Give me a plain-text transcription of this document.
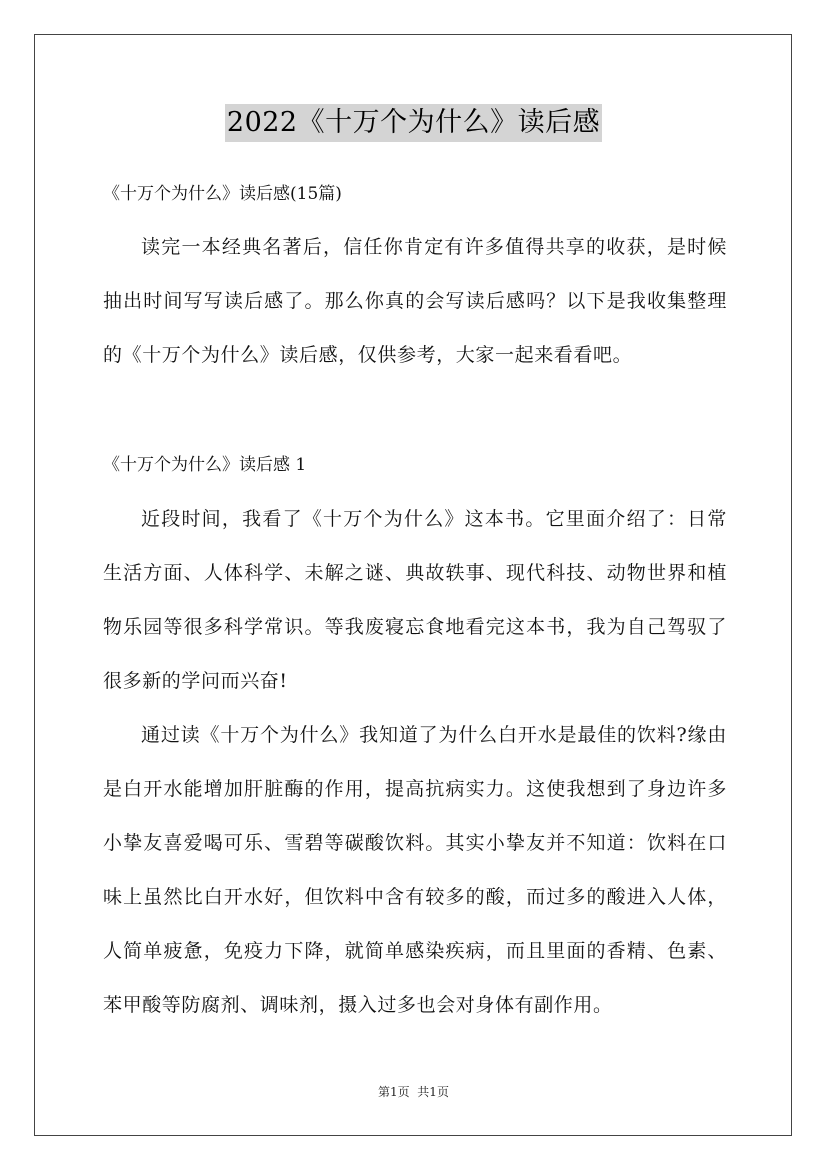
2022《十万个为什么》读后感
《十万个为什么》读后感(15篇)
读完一本经典名著后，信任你肯定有许多值得共享的收获，是时候抽出时间写写读后感了。那么你真的会写读后感吗？以下是我收集整理的《十万个为什么》读后感，仅供参考，大家一起来看看吧。
《十万个为什么》读后感 1
近段时间，我看了《十万个为什么》这本书。它里面介绍了：日常生活方面、人体科学、未解之谜、典故轶事、现代科技、动物世界和植物乐园等很多科学常识。等我废寝忘食地看完这本书，我为自己驾驭了很多新的学问而兴奋!
通过读《十万个为什么》我知道了为什么白开水是最佳的饮料?缘由是白开水能增加肝脏酶的作用，提高抗病实力。这使我想到了身边许多小挚友喜爱喝可乐、雪碧等碳酸饮料。其实小挚友并不知道：饮料在口味上虽然比白开水好，但饮料中含有较多的酸，而过多的酸进入人体，人简单疲惫，免疫力下降，就简单感染疾病，而且里面的香精、色素、苯甲酸等防腐剂、调味剂，摄入过多也会对身体有副作用。
第1页  共1页
